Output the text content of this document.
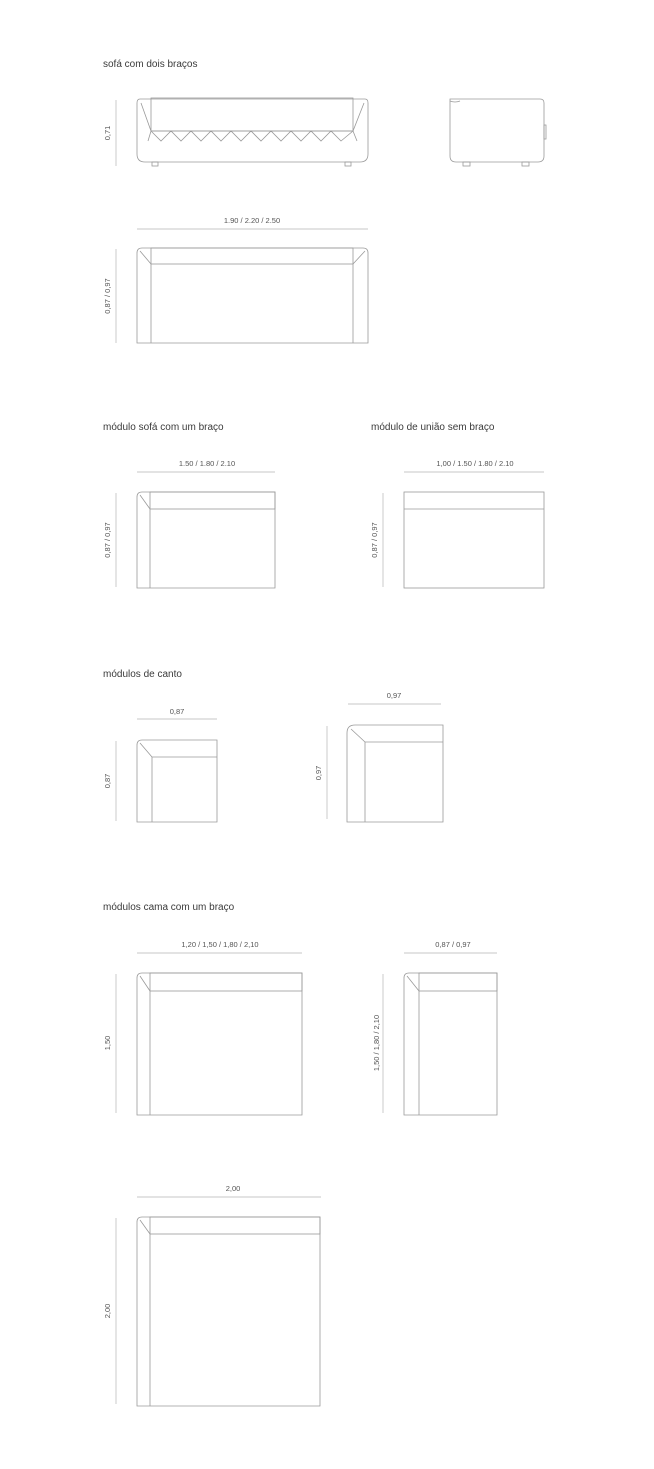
sofá com dois braços
módulo sofá com um braço	módulo de união sem braço
módulos de canto
módulos cama com um braço
0,71
1.90 / 2.20 / 2.50
0,87 / 0,97
1.50 / 1.80 / 2.10
0,87 / 0,97
1,00 / 1.50 / 1.80 / 2.10
0,87 / 0,97
0,87
0,87
0,97
0,97
1,20 / 1,50 / 1,80 / 2,10
1,50
0,87 / 0,97
1,50 / 1,80 / 2,10
2,00
2,00
